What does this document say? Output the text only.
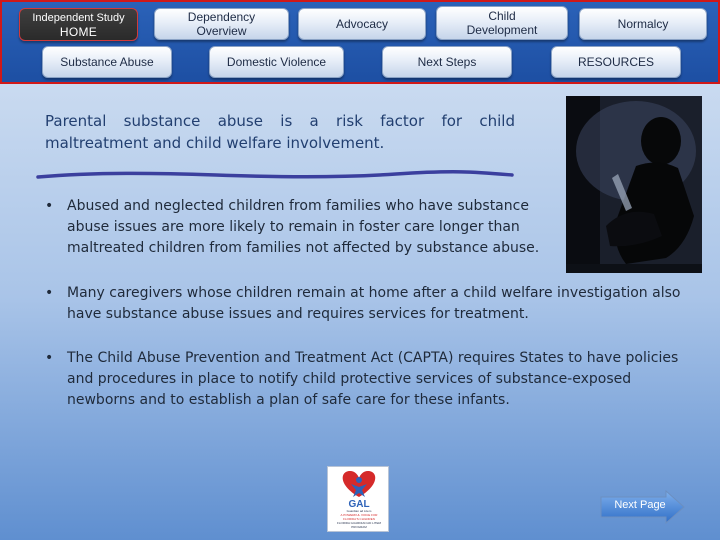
Independent Study
HOME
Dependency
Overview	Advocacy
Child
Development	Normalcy
Substance Abuse	Domestic Violence	Next Steps	RESOURCES
Parental substance abuse is a risk factor for child maltreatment and child welfare involvement.
• Abused and neglected children from families who have substance abuse issues are more likely to remain in foster care longer than maltreated children from families not affected by substance abuse.
• Many caregivers whose children remain at home after a child welfare investigation also have substance abuse issues and requires services for treatment.
• The Child Abuse Prevention and Treatment Act (CAPTA) requires States to have policies and procedures in place to notify child protective services of substance-exposed newborns and to establish a plan of safe care for these infants.
GAL
Guardian ad Litem
A POWERFUL VOICE FOR
FLORIDA'S CHILDREN
FLORIDA GUARDIAN AD LITEM
PROGRAM
Next Page
